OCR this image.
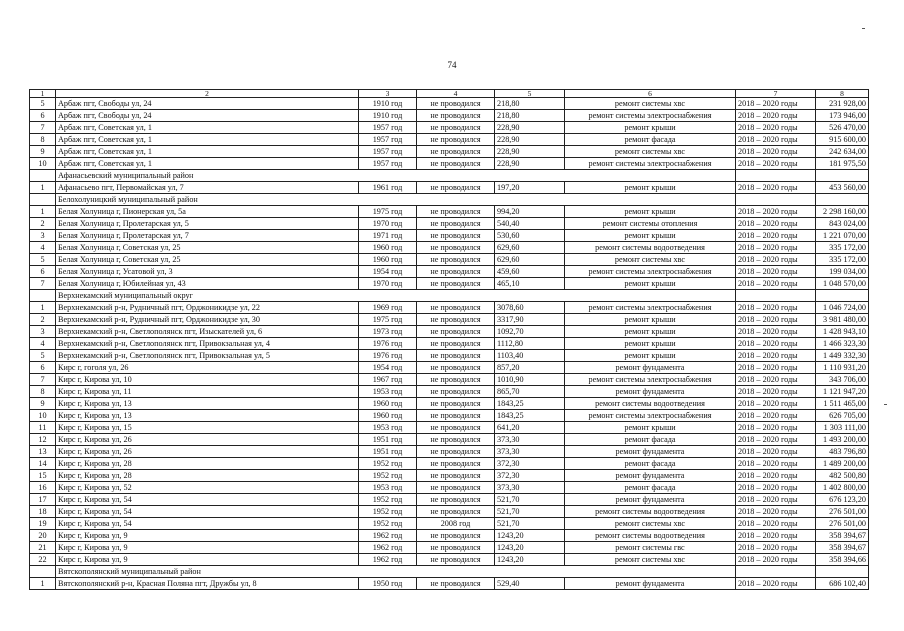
74
1	2	3	4	5	6	7	8
5	Арбаж пгт, Свободы ул, 24	1910 год	не проводился	218,80	ремонт системы хвс	2018 – 2020 годы	231 928,00
6	Арбаж пгт, Свободы ул, 24	1910 год	не проводился	218,80	ремонт системы электроснабжения	2018 – 2020 годы	173 946,00
7	Арбаж пгт, Советская ул, 1	1957 год	не проводился	228,90	ремонт крыши	2018 – 2020 годы	526 470,00
8	Арбаж пгт, Советская ул, 1	1957 год	не проводился	228,90	ремонт фасада	2018 – 2020 годы	915 600,00
9	Арбаж пгт, Советская ул, 1	1957 год	не проводился	228,90	ремонт системы хвс	2018 – 2020 годы	242 634,00
10	Арбаж пгт, Советская ул, 1	1957 год	не проводился	228,90	ремонт системы электроснабжения	2018 – 2020 годы	181 975,50
	Афанасьевский муниципальный район						
1	Афанасьево пгт, Первомайская ул, 7	1961 год	не проводился	197,20	ремонт крыши	2018 – 2020 годы	453 560,00
	Белохолуницкий муниципальный район						
1	Белая Холуница г, Пионерская ул, 5а	1975 год	не проводился	994,20	ремонт крыши	2018 – 2020 годы	2 298 160,00
2	Белая Холуница г, Пролетарская ул, 5	1970 год	не проводился	540,40	ремонт системы отопления	2018 – 2020 годы	843 024,00
3	Белая Холуница г, Пролетарская ул, 7	1971 год	не проводился	530,60	ремонт крыши	2018 – 2020 годы	1 221 070,00
4	Белая Холуница г, Советская ул, 25	1960 год	не проводился	629,60	ремонт системы водоотведения	2018 – 2020 годы	335 172,00
5	Белая Холуница г, Советская ул, 25	1960 год	не проводился	629,60	ремонт системы хвс	2018 – 2020 годы	335 172,00
6	Белая Холуница г, Усатовой ул, 3	1954 год	не проводился	459,60	ремонт системы электроснабжения	2018 – 2020 годы	199 034,00
7	Белая Холуница г, Юбилейная ул, 43	1970 год	не проводился	465,10	ремонт крыши	2018 – 2020 годы	1 048 570,00
	Верхнекамский муниципальный округ						
1	Верхнекамский р-н, Рудничный пгт, Орджоникидзе ул, 22	1969 год	не проводился	3078,60	ремонт системы электроснабжения	2018 – 2020 годы	1 046 724,00
2	Верхнекамский р-н, Рудничный пгт, Орджоникидзе ул, 30	1975 год	не проводился	3317,90	ремонт крыши	2018 – 2020 годы	3 981 480,00
3	Верхнекамский р-н, Светлополянск пгт, Изыскателей ул, 6	1973 год	не проводился	1092,70	ремонт крыши	2018 – 2020 годы	1 428 943,10
4	Верхнекамский р-н, Светлополянск пгт, Привокзальная ул, 4	1976 год	не проводился	1112,80	ремонт крыши	2018 – 2020 годы	1 466 323,30
5	Верхнекамский р-н, Светлополянск пгт, Привокзальная ул, 5	1976 год	не проводился	1103,40	ремонт крыши	2018 – 2020 годы	1 449 332,30
6	Кирс г, гоголя ул, 26	1954 год	не проводился	857,20	ремонт фундамента	2018 – 2020 годы	1 110 931,20
7	Кирс г, Кирова ул, 10	1967 год	не проводился	1010,90	ремонт системы электроснабжения	2018 – 2020 годы	343 706,00
8	Кирс г, Кирова ул, 11	1953 год	не проводился	865,70	ремонт фундамента	2018 – 2020 годы	1 121 947,20
9	Кирс г, Кирова ул, 13	1960 год	не проводился	1843,25	ремонт системы водоотведения	2018 – 2020 годы	1 511 465,00
10	Кирс г, Кирова ул, 13	1960 год	не проводился	1843,25	ремонт системы электроснабжения	2018 – 2020 годы	626 705,00
11	Кирс г, Кирова ул, 15	1953 год	не проводился	641,20	ремонт крыши	2018 – 2020 годы	1 303 111,00
12	Кирс г, Кирова ул, 26	1951 год	не проводился	373,30	ремонт фасада	2018 – 2020 годы	1 493 200,00
13	Кирс г, Кирова ул, 26	1951 год	не проводился	373,30	ремонт фундамента	2018 – 2020 годы	483 796,80
14	Кирс г, Кирова ул, 28	1952 год	не проводился	372,30	ремонт фасада	2018 – 2020 годы	1 489 200,00
15	Кирс г, Кирова ул, 28	1952 год	не проводился	372,30	ремонт фундамента	2018 – 2020 годы	482 500,80
16	Кирс г, Кирова ул, 52	1953 год	не проводился	373,30	ремонт фасада	2018 – 2020 годы	1 402 800,00
17	Кирс г, Кирова ул, 54	1952 год	не проводился	521,70	ремонт фундамента	2018 – 2020 годы	676 123,20
18	Кирс г, Кирова ул, 54	1952 год	не проводился	521,70	ремонт системы водоотведения	2018 – 2020 годы	276 501,00
19	Кирс г, Кирова ул, 54	1952 год	2008 год	521,70	ремонт системы хвс	2018 – 2020 годы	276 501,00
20	Кирс г, Кирова ул, 9	1962 год	не проводился	1243,20	ремонт системы водоотведения	2018 – 2020 годы	358 394,67
21	Кирс г, Кирова ул, 9	1962 год	не проводился	1243,20	ремонт системы гвс	2018 – 2020 годы	358 394,67
22	Кирс г, Кирова ул, 9	1962 год	не проводился	1243,20	ремонт системы хвс	2018 – 2020 годы	358 394,66
	Вятскополянский муниципальный район						
1	Вятскополянский р-н, Красная Поляна пгт, Дружбы ул, 8	1950 год	не проводился	529,40	ремонт фундамента	2018 – 2020 годы	686 102,40
